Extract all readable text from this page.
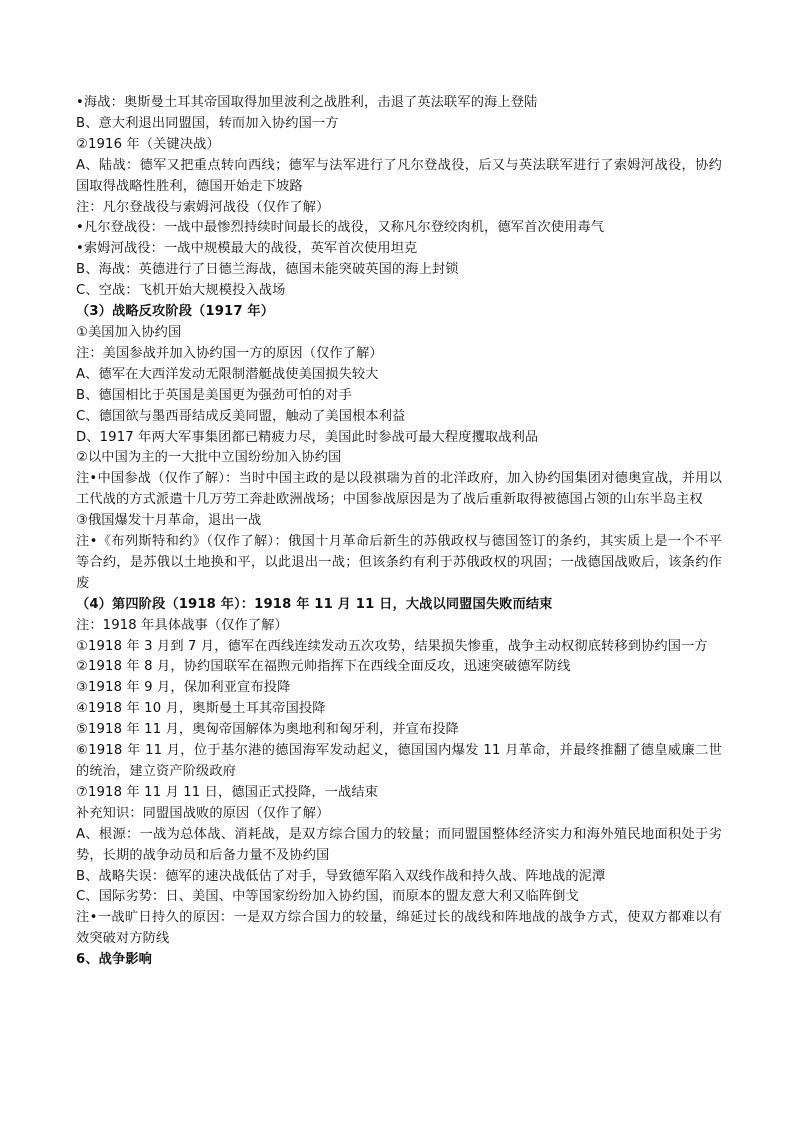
•海战：奥斯曼土耳其帝国取得加里波利之战胜利，击退了英法联军的海上登陆

B、意大利退出同盟国，转而加入协约国一方

②1916 年（关键决战）

A、陆战：德军又把重点转向西线；德军与法军进行了凡尔登战役，后又与英法联军进行了索姆河战役，协约国取得战略性胜利，德国开始走下坡路

注：凡尔登战役与索姆河战役（仅作了解）

•凡尔登战役：一战中最惨烈持续时间最长的战役，又称凡尔登绞肉机，德军首次使用毒气

•索姆河战役：一战中规模最大的战役，英军首次使用坦克

B、海战：英德进行了日德兰海战，德国未能突破英国的海上封锁

C、空战：飞机开始大规模投入战场

（3）战略反攻阶段（1917 年）

①美国加入协约国

注：美国参战并加入协约国一方的原因（仅作了解）

A、德军在大西洋发动无限制潜艇战使美国损失较大

B、德国相比于英国是美国更为强劲可怕的对手

C、德国欲与墨西哥结成反美同盟，触动了美国根本利益

D、1917 年两大军事集团都已精疲力尽，美国此时参战可最大程度攫取战利品

②以中国为主的一大批中立国纷纷加入协约国

注•中国参战（仅作了解）：当时中国主政的是以段祺瑞为首的北洋政府，加入协约国集团对德奥宣战，并用以工代战的方式派遣十几万劳工奔赴欧洲战场；中国参战原因是为了战后重新取得被德国占领的山东半岛主权

③俄国爆发十月革命，退出一战

注•《布列斯特和约》（仅作了解）：俄国十月革命后新生的苏俄政权与德国签订的条约，其实质上是一个不平等合约，是苏俄以土地换和平，以此退出一战；但该条约有利于苏俄政权的巩固；一战德国战败后，该条约作废

（4）第四阶段（1918 年）：1918 年 11 月 11 日，大战以同盟国失败而结束

注：1918 年具体战事（仅作了解）

①1918 年 3 月到 7 月，德军在西线连续发动五次攻势，结果损失惨重，战争主动权彻底转移到协约国一方

②1918 年 8 月，协约国联军在福煦元帅指挥下在西线全面反攻，迅速突破德军防线

③1918 年 9 月，保加利亚宣布投降

④1918 年 10 月，奥斯曼土耳其帝国投降

⑤1918 年 11 月，奥匈帝国解体为奥地利和匈牙利，并宣布投降

⑥1918 年 11 月，位于基尔港的德国海军发动起义，德国国内爆发 11 月革命，并最终推翻了德皇威廉二世的统治，建立资产阶级政府

⑦1918 年 11 月 11 日，德国正式投降，一战结束

补充知识：同盟国战败的原因（仅作了解）

A、根源：一战为总体战、消耗战，是双方综合国力的较量；而同盟国整体经济实力和海外殖民地面积处于劣势，长期的战争动员和后备力量不及协约国

B、战略失误：德军的速决战低估了对手，导致德军陷入双线作战和持久战、阵地战的泥潭

C、国际劣势：日、美国、中等国家纷纷加入协约国，而原本的盟友意大利又临阵倒戈

注•一战旷日持久的原因：一是双方综合国力的较量，绵延过长的战线和阵地战的战争方式，使双方都难以有效突破对方防线

6、战争影响
